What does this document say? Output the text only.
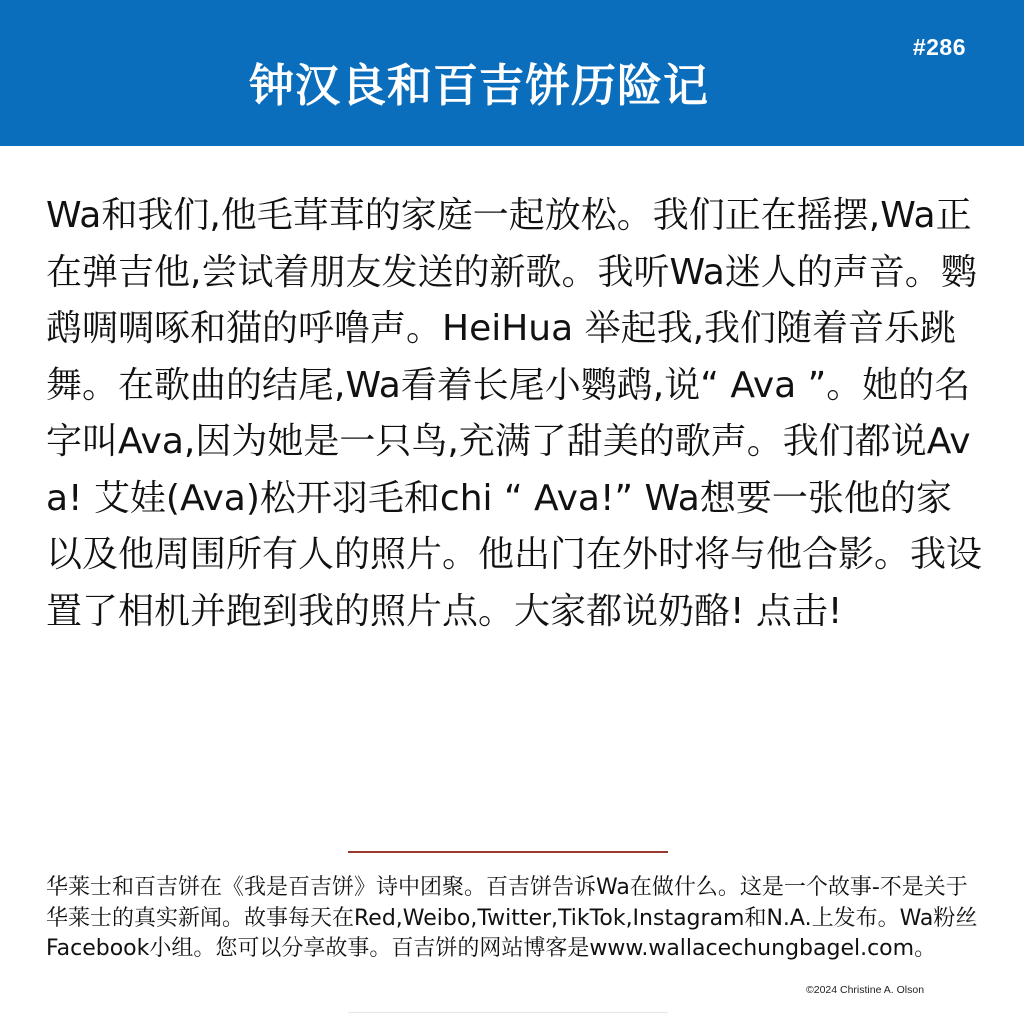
#286
钟汉良和百吉饼历险记

Wa和我们,他毛茸茸的家庭一起放松。我们正在摇摆,Wa正在弹吉他,尝试着朋友发送的新歌。我听Wa迷人的声音。鹦鹉啁啁啄和猫的呼噜声。HeiHua 举起我,我们随着音乐跳舞。在歌曲的结尾,Wa看着长尾小鹦鹉,说“ Ava ”。她的名字叫Ava,因为她是一只鸟,充满了甜美的歌声。我们都说Ava! 艾娃(Ava)松开羽毛和chi “ Ava!” Wa想要一张他的家以及他周围所有人的照片。他出门在外时将与他合影。我设置了相机并跑到我的照片点。大家都说奶酪! 点击!

华莱士和百吉饼在《我是百吉饼》诗中团聚。百吉饼告诉Wa在做什么。这是一个故事-不是关于华莱士的真实新闻。故事每天在Red,Weibo,Twitter,TikTok,Instagram和N.A.上发布。Wa粉丝Facebook小组。您可以分享故事。百吉饼的网站博客是www.wallacechungbagel.com。

©2024 Christine A. Olson
